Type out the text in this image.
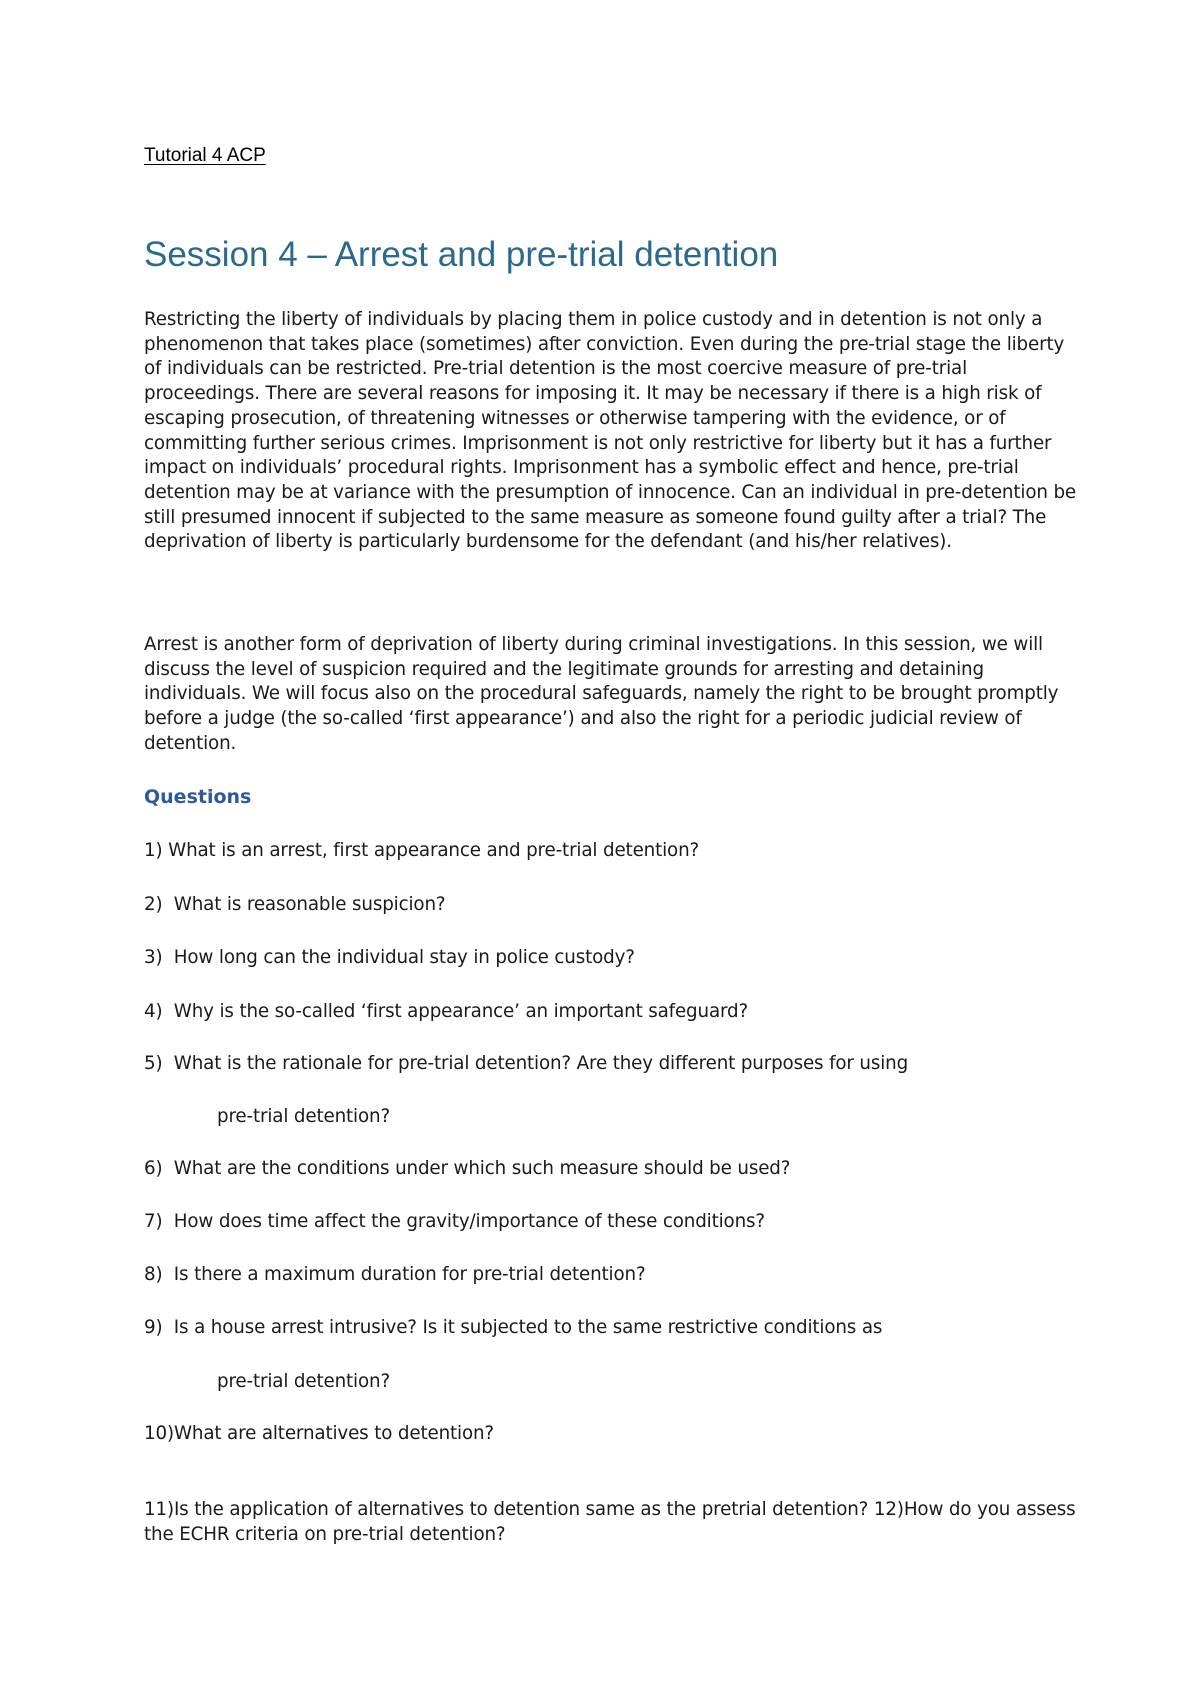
Tutorial 4 ACP
Session 4 – Arrest and pre-trial detention

Restricting the liberty of individuals by placing them in police custody and in detention is not only a phenomenon that takes place (sometimes) after conviction. Even during the pre-trial stage the liberty of individuals can be restricted. Pre-trial detention is the most coercive measure of pre-trial proceedings. There are several reasons for imposing it. It may be necessary if there is a high risk of escaping prosecution, of threatening witnesses or otherwise tampering with the evidence, or of committing further serious crimes. Imprisonment is not only restrictive for liberty but it has a further impact on individuals’ procedural rights. Imprisonment has a symbolic effect and hence, pre-trial detention may be at variance with the presumption of innocence. Can an individual in pre-detention be still presumed innocent if subjected to the same measure as someone found guilty after a trial? The deprivation of liberty is particularly burdensome for the defendant (and his/her relatives).

Arrest is another form of deprivation of liberty during criminal investigations. In this session, we will discuss the level of suspicion required and the legitimate grounds for arresting and detaining individuals. We will focus also on the procedural safeguards, namely the right to be brought promptly before a judge (the so-called ‘first appearance’) and also the right for a periodic judicial review of detention.

Questions
1) What is an arrest, first appearance and pre-trial detention?
2) What is reasonable suspicion?
3) How long can the individual stay in police custody?
4) Why is the so-called ‘first appearance’ an important safeguard?
5) What is the rationale for pre-trial detention? Are they different purposes for using
pre-trial detention?
6) What are the conditions under which such measure should be used?
7) How does time affect the gravity/importance of these conditions?
8) Is there a maximum duration for pre-trial detention?
9) Is a house arrest intrusive? Is it subjected to the same restrictive conditions as
pre-trial detention?
10)What are alternatives to detention?

11)Is the application of alternatives to detention same as the pretrial detention? 12)How do you assess the ECHR criteria on pre-trial detention?
